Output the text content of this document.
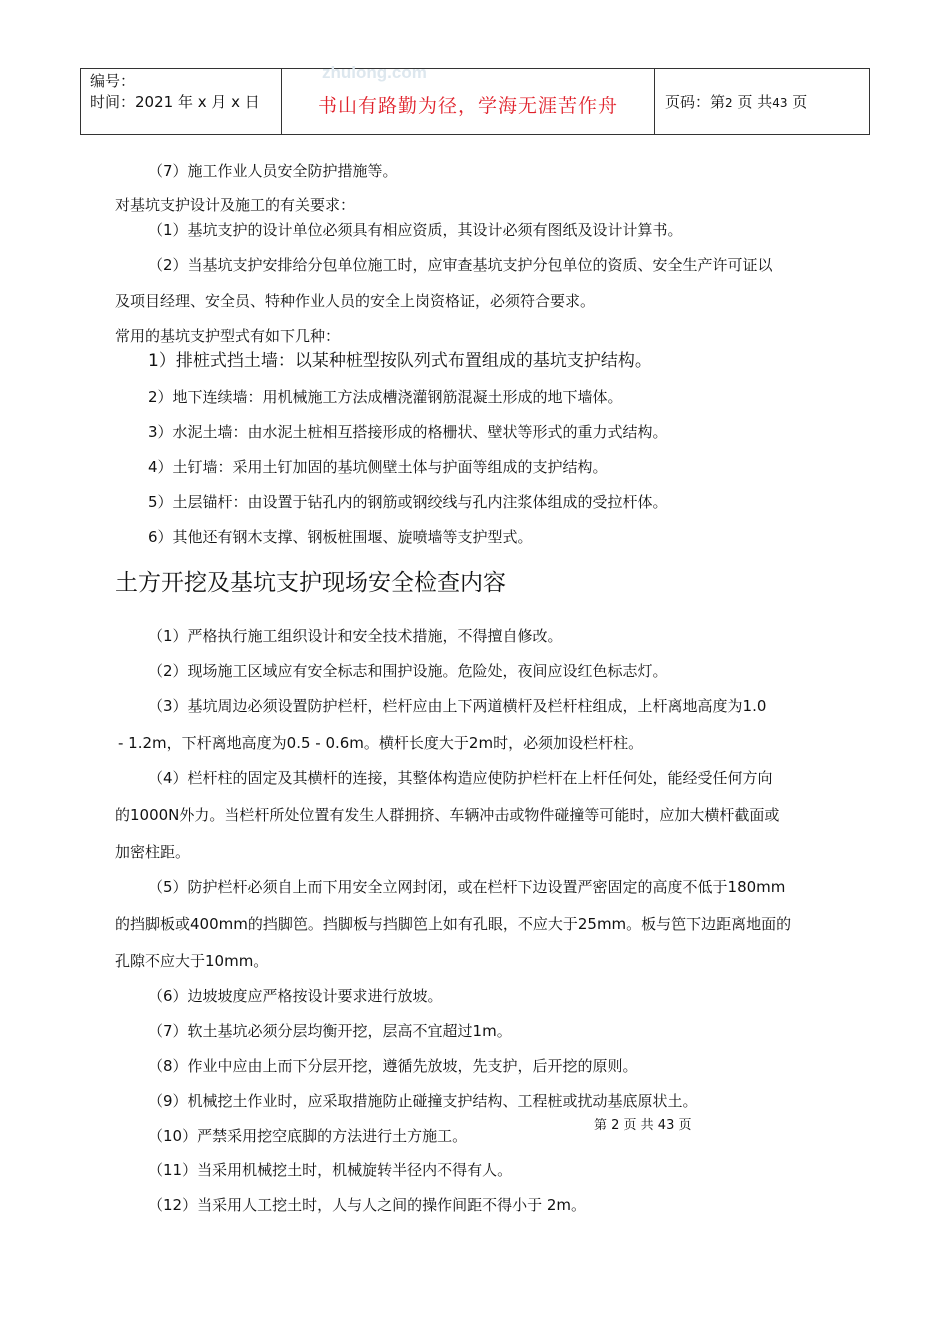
编号：
时间：2021 年 x 月 x 日
zhulong.com
书山有路勤为径，学海无涯苦作舟	页码：第2 页 共43 页
（7）施工作业人员安全防护措施等。
对基坑支护设计及施工的有关要求：
（1）基坑支护的设计单位必须具有相应资质，其设计必须有图纸及设计计算书。
（2）当基坑支护安排给分包单位施工时，应审查基坑支护分包单位的资质、安全生产许可证以
及项目经理、安全员、特种作业人员的安全上岗资格证，必须符合要求。
常用的基坑支护型式有如下几种：
1）排桩式挡土墙：以某种桩型按队列式布置组成的基坑支护结构。
2）地下连续墙：用机械施工方法成槽浇灌钢筋混凝土形成的地下墙体。
3）水泥土墙：由水泥土桩相互搭接形成的格栅状、壁状等形式的重力式结构。
4）土钉墙：采用土钉加固的基坑侧壁土体与护面等组成的支护结构。
5）土层锚杆：由设置于钻孔内的钢筋或钢绞线与孔内注浆体组成的受拉杆体。
6）其他还有钢木支撑、钢板桩围堰、旋喷墙等支护型式。
土方开挖及基坑支护现场安全检查内容
（1）严格执行施工组织设计和安全技术措施，不得擅自修改。
（2）现场施工区域应有安全标志和围护设施。危险处，夜间应设红色标志灯。
（3）基坑周边必须设置防护栏杆，栏杆应由上下两道横杆及栏杆柱组成，上杆离地高度为1.0
- 1.2m，下杆离地高度为0.5 - 0.6m。横杆长度大于2m时，必须加设栏杆柱。
（4）栏杆柱的固定及其横杆的连接，其整体构造应使防护栏杆在上杆任何处，能经受任何方向
的1000N外力。当栏杆所处位置有发生人群拥挤、车辆冲击或物件碰撞等可能时，应加大横杆截面或
加密柱距。
（5）防护栏杆必须自上而下用安全立网封闭，或在栏杆下边设置严密固定的高度不低于180mm
的挡脚板或400mm的挡脚笆。挡脚板与挡脚笆上如有孔眼，不应大于25mm。板与笆下边距离地面的
孔隙不应大于10mm。
（6）边坡坡度应严格按设计要求进行放坡。
（7）软土基坑必须分层均衡开挖，层高不宜超过1m。
（8）作业中应由上而下分层开挖，遵循先放坡，先支护，后开挖的原则。
（9）机械挖土作业时，应采取措施防止碰撞支护结构、工程桩或扰动基底原状土。
（10）严禁采用挖空底脚的方法进行土方施工。
（11）当采用机械挖土时，机械旋转半径内不得有人。
（12）当采用人工挖土时，人与人之间的操作间距不得小于 2m。
第 2 页 共 43 页
